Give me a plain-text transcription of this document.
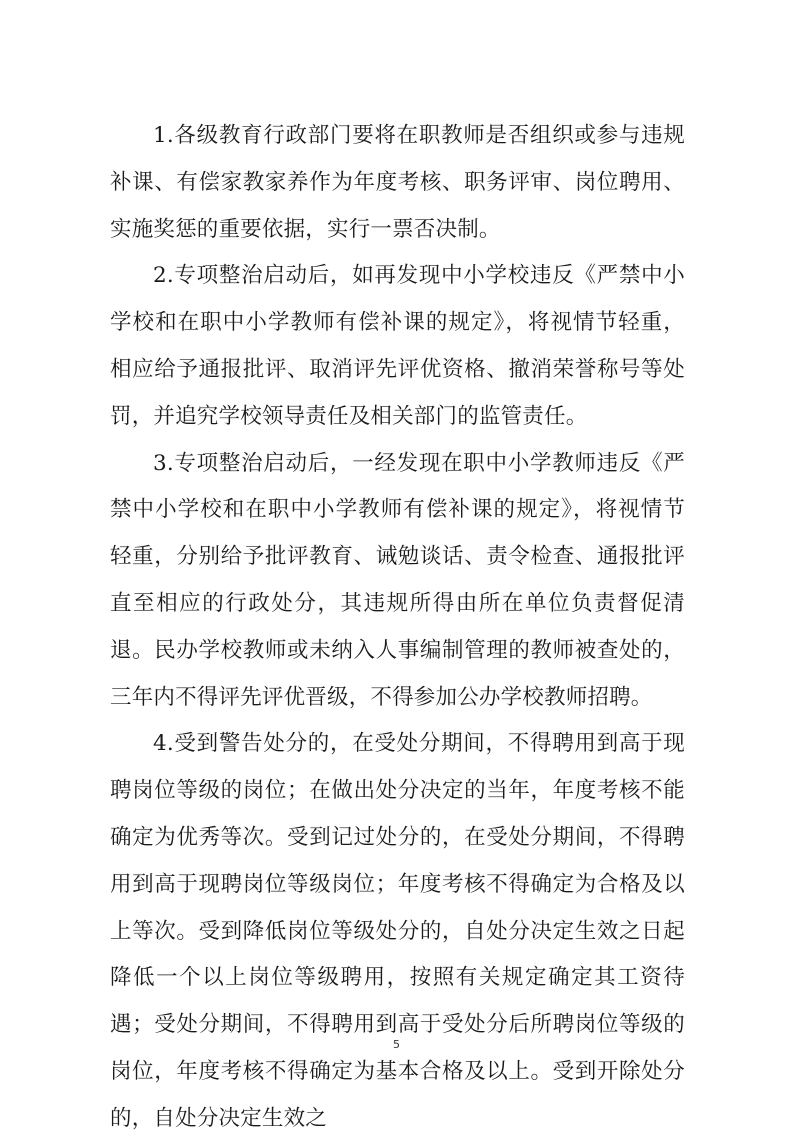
1.各级教育行政部门要将在职教师是否组织或参与违规补课、有偿家教家养作为年度考核、职务评审、岗位聘用、实施奖惩的重要依据，实行一票否决制。

2.专项整治启动后，如再发现中小学校违反《严禁中小学校和在职中小学教师有偿补课的规定》，将视情节轻重，相应给予通报批评、取消评先评优资格、撤消荣誉称号等处罚，并追究学校领导责任及相关部门的监管责任。

3.专项整治启动后，一经发现在职中小学教师违反《严禁中小学校和在职中小学教师有偿补课的规定》，将视情节轻重，分别给予批评教育、诫勉谈话、责令检查、通报批评直至相应的行政处分，其违规所得由所在单位负责督促清退。民办学校教师或未纳入人事编制管理的教师被查处的，三年内不得评先评优晋级，不得参加公办学校教师招聘。

4.受到警告处分的，在受处分期间，不得聘用到高于现聘岗位等级的岗位；在做出处分决定的当年，年度考核不能确定为优秀等次。受到记过处分的，在受处分期间，不得聘用到高于现聘岗位等级岗位；年度考核不得确定为合格及以上等次。受到降低岗位等级处分的，自处分决定生效之日起降低一个以上岗位等级聘用，按照有关规定确定其工资待遇；受处分期间，不得聘用到高于受处分后所聘岗位等级的岗位，年度考核不得确定为基本合格及以上。受到开除处分的，自处分决定生效之

5
